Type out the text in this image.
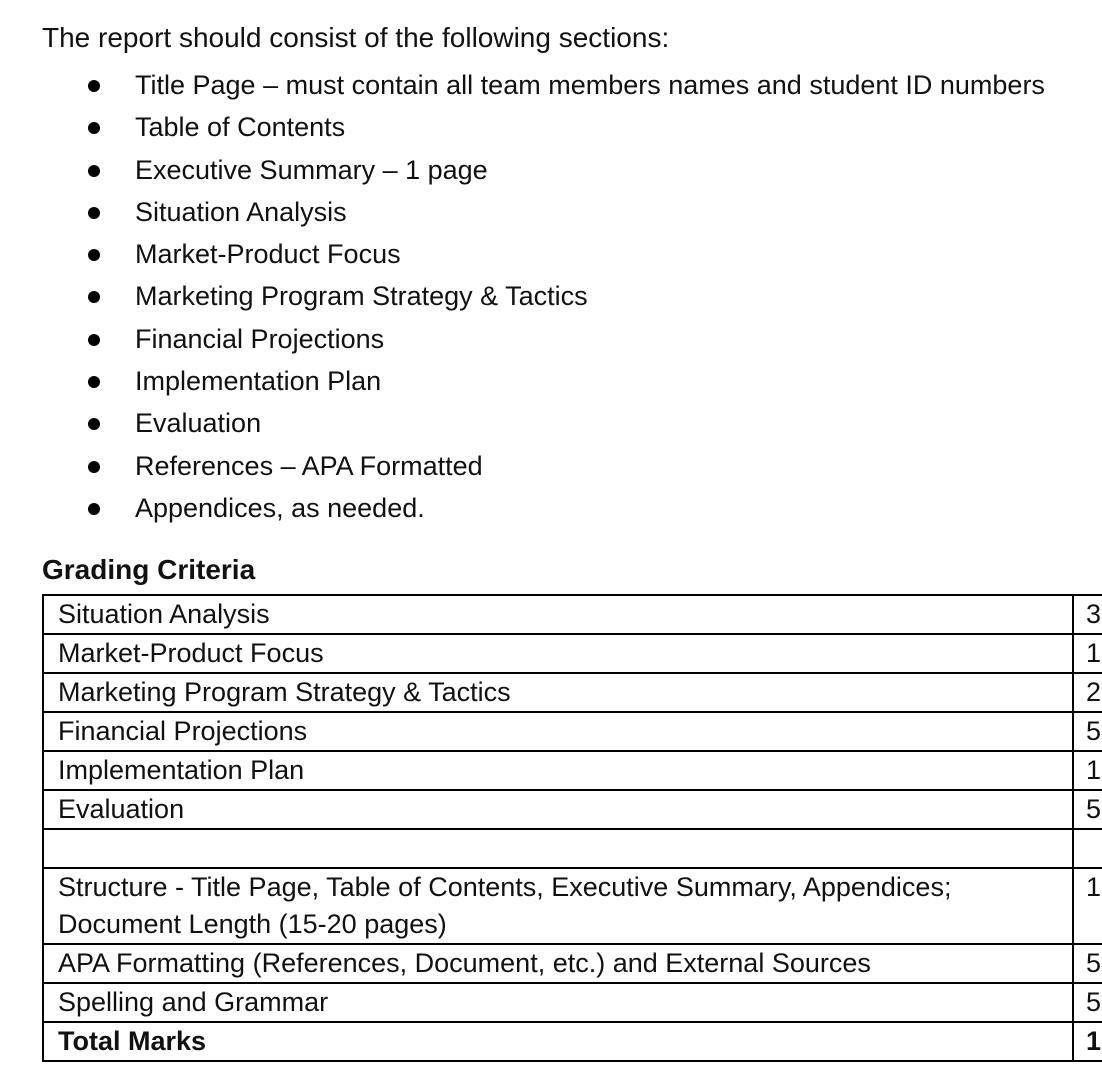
The report should consist of the following sections:
Title Page – must contain all team members names and student ID numbers
Table of Contents
Executive Summary – 1 page
Situation Analysis
Market-Product Focus
Marketing Program Strategy & Tactics
Financial Projections
Implementation Plan
Evaluation
References – APA Formatted
Appendices, as needed.
Grading Criteria
Situation Analysis	3
Market-Product Focus	1
Marketing Program Strategy & Tactics	2
Financial Projections	5
Implementation Plan	1
Evaluation	5

Structure - Title Page, Table of Contents, Executive Summary, Appendices; Document Length (15-20 pages)	1
APA Formatting (References, Document, etc.) and External Sources	5
Spelling and Grammar	5
Total Marks	1
